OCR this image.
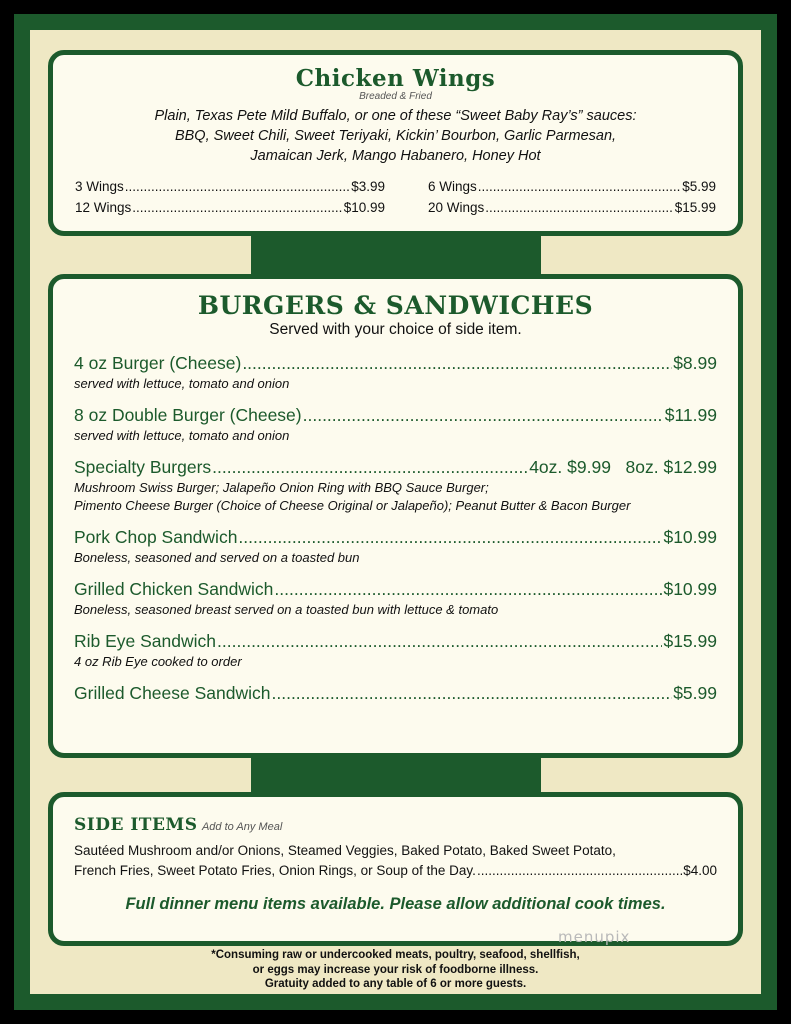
Chicken Wings
Breaded & Fried
Plain, Texas Pete Mild Buffalo, or one of these “Sweet Baby Ray’s” sauces:
BBQ, Sweet Chili, Sweet Teriyaki, Kickin’ Bourbon, Garlic Parmesan,
Jamaican Jerk, Mango Habanero, Honey Hot
3 Wings .....	$3.99
12 Wings .....	$10.99
6 Wings .....	$5.99
20 Wings .....	$15.99
BURGERS & SANDWICHES
Served with your choice of side item.
4 oz Burger (Cheese) .....	$8.99
served with lettuce, tomato and onion
8 oz Double Burger (Cheese) .....	$11.99
served with lettuce, tomato and onion
Specialty Burgers .....	4oz. $9.99   8oz. $12.99
Mushroom Swiss Burger; Jalapeño Onion Ring with BBQ Sauce Burger;
Pimento Cheese Burger (Choice of Cheese Original or Jalapeño); Peanut Butter & Bacon Burger
Pork Chop Sandwich .....	$10.99
Boneless, seasoned and served on a toasted bun
Grilled Chicken Sandwich .....	$10.99
Boneless, seasoned breast served on a toasted bun with lettuce & tomato
Rib Eye Sandwich .....	$15.99
4 oz Rib Eye cooked to order
Grilled Cheese Sandwich .....	$5.99
SIDE ITEMS Add to Any Meal
Sautéed Mushroom and/or Onions, Steamed Veggies, Baked Potato, Baked Sweet Potato,
French Fries, Sweet Potato Fries, Onion Rings, or Soup of the Day. .....	$4.00
Full dinner menu items available. Please allow additional cook times.
*Consuming raw or undercooked meats, poultry, seafood, shellfish,
or eggs may increase your risk of foodborne illness.
Gratuity added to any table of 6 or more guests.
menupix
